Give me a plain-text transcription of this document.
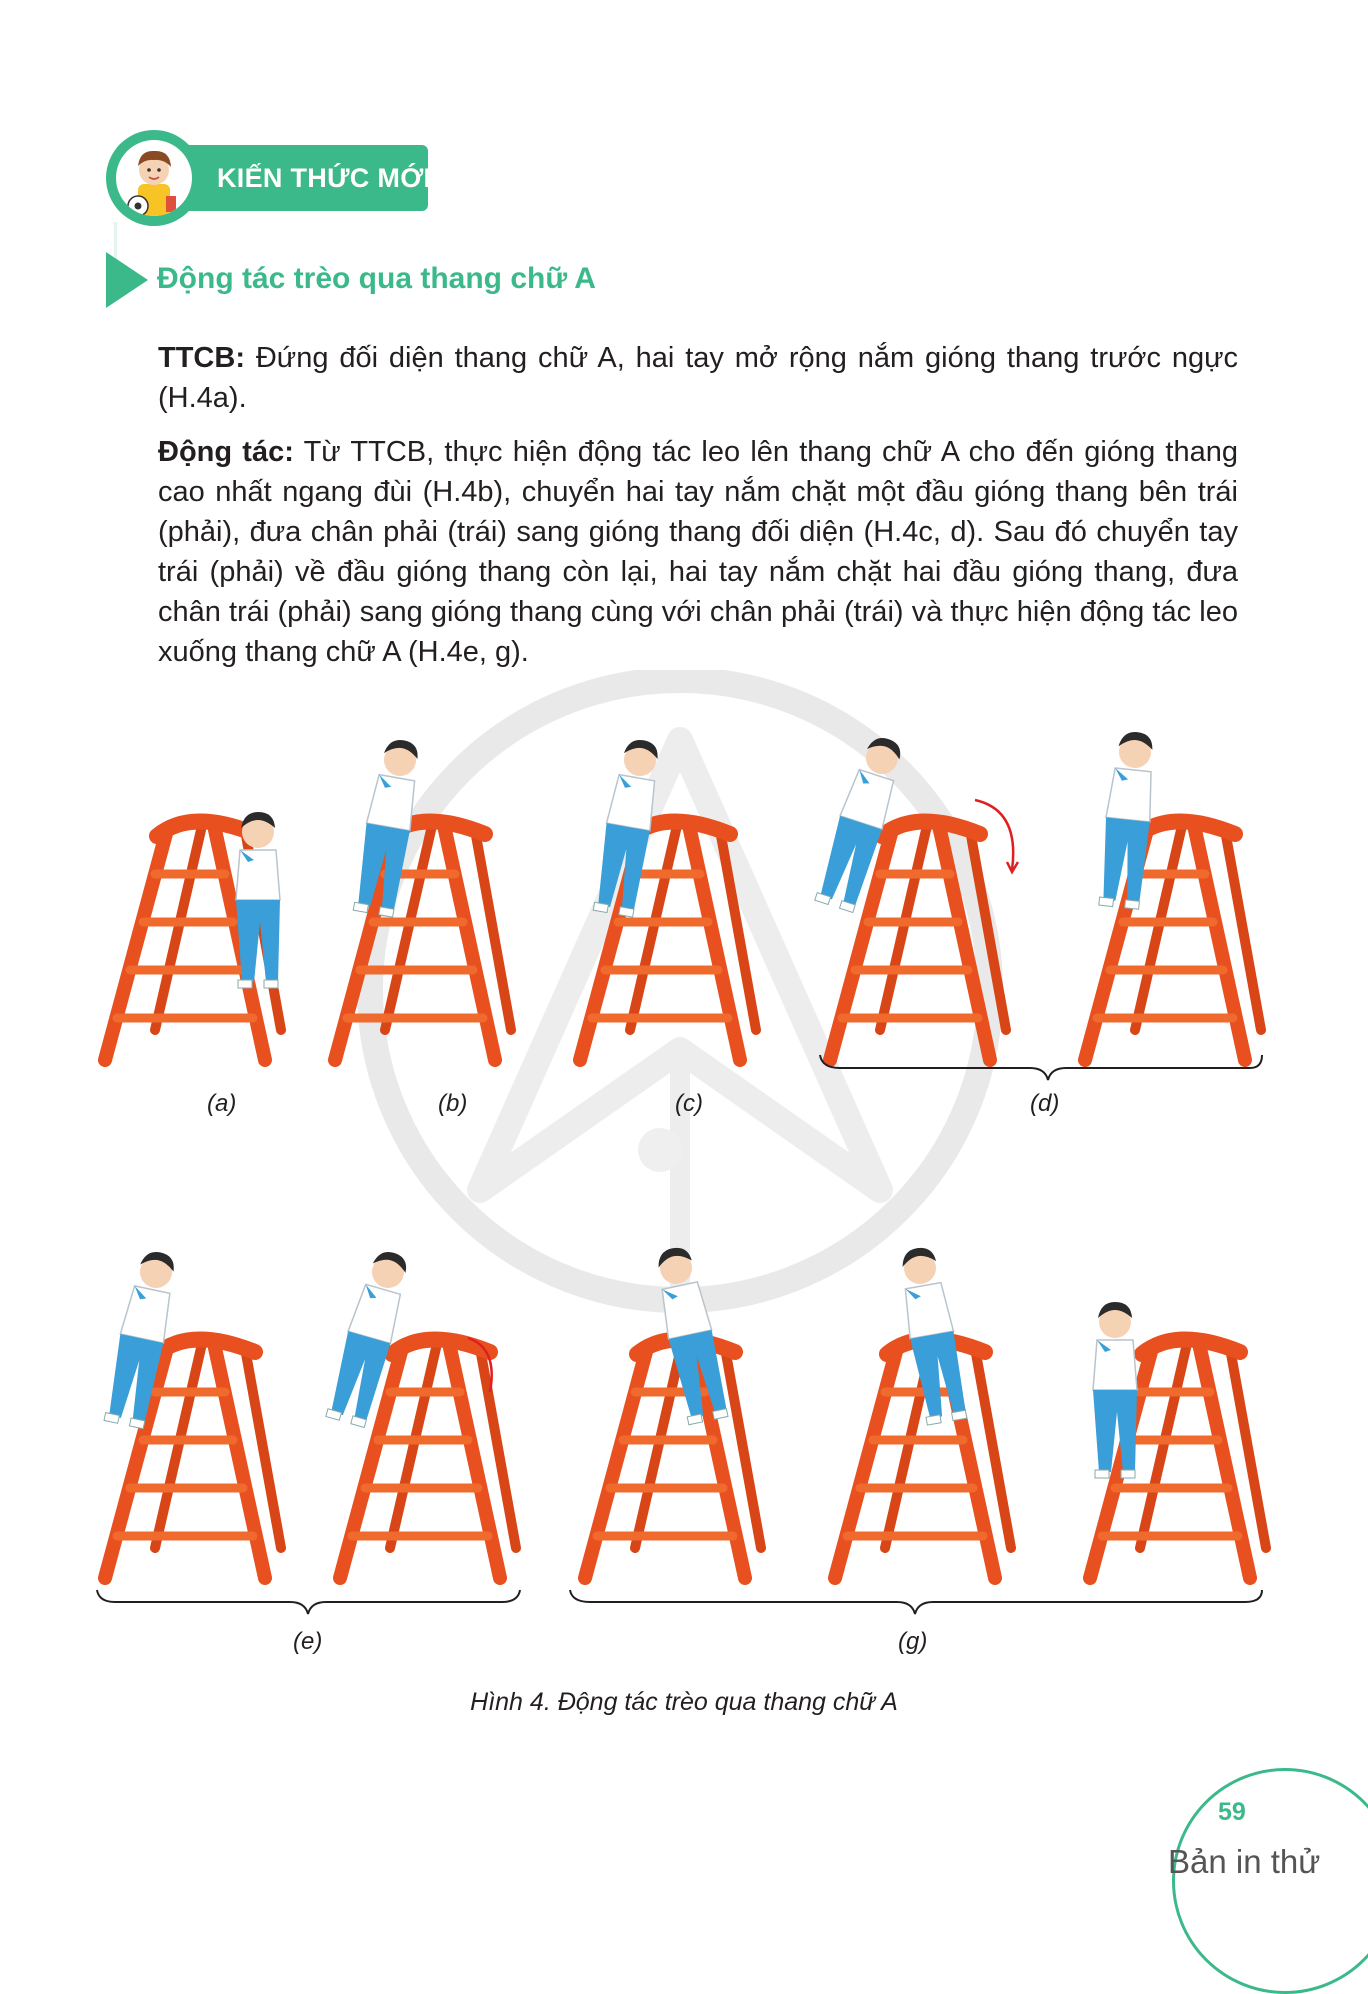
KIẾN THỨC MỚI
Động tác trèo qua thang chữ A
TTCB: Đứng đối diện thang chữ A, hai tay mở rộng nắm gióng thang trước ngực (H.4a).
Động tác: Từ TTCB, thực hiện động tác leo lên thang chữ A cho đến gióng thang cao nhất ngang đùi (H.4b), chuyển hai tay nắm chặt một đầu gióng thang bên trái (phải), đưa chân phải (trái) sang gióng thang đối diện (H.4c, d). Sau đó chuyển tay trái (phải) về đầu gióng thang còn lại, hai tay nắm chặt hai đầu gióng thang, đưa chân trái (phải) sang gióng thang cùng với chân phải (trái) và thực hiện động tác leo xuống thang chữ A (H.4e, g).
(a)	(b)	(c)	(d)
(e)	(g)
Hình 4. Động tác trèo qua thang chữ A
59
Bản in thử
